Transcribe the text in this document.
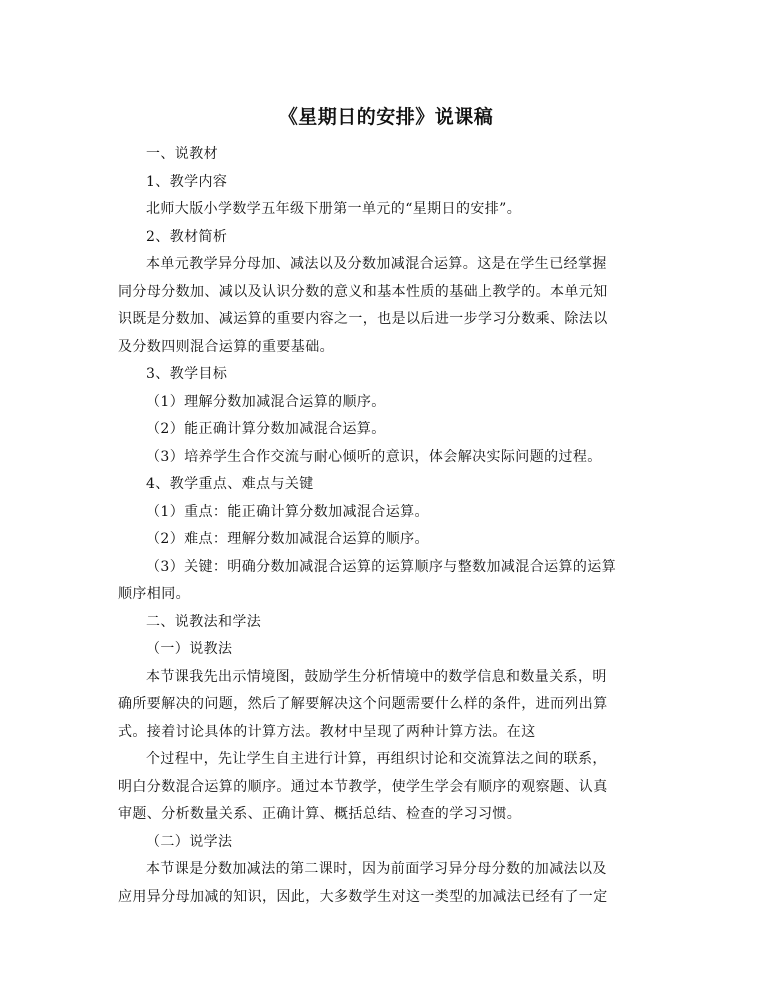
《星期日的安排》说课稿
一、说教材
1、教学内容
北师大版小学数学五年级下册第一单元的“星期日的安排”。
2、教材简析
本单元教学异分母加、减法以及分数加减混合运算。这是在学生已经掌握
同分母分数加、减以及认识分数的意义和基本性质的基础上教学的。本单元知
识既是分数加、减运算的重要内容之一，也是以后进一步学习分数乘、除法以
及分数四则混合运算的重要基础。
3、教学目标
（1）理解分数加减混合运算的顺序。
（2）能正确计算分数加减混合运算。
（3）培养学生合作交流与耐心倾听的意识，体会解决实际问题的过程。
4、教学重点、难点与关键
（1）重点：能正确计算分数加减混合运算。
（2）难点：理解分数加减混合运算的顺序。
（3）关键：明确分数加减混合运算的运算顺序与整数加减混合运算的运算
顺序相同。
二、说教法和学法
（一）说教法
本节课我先出示情境图，鼓励学生分析情境中的数学信息和数量关系，明
确所要解决的问题，然后了解要解决这个问题需要什么样的条件，进而列出算
式。接着讨论具体的计算方法。教材中呈现了两种计算方法。在这
个过程中，先让学生自主进行计算，再组织讨论和交流算法之间的联系，
明白分数混合运算的顺序。通过本节教学，使学生学会有顺序的观察题、认真
审题、分析数量关系、正确计算、概括总结、检查的学习习惯。
（二）说学法
本节课是分数加减法的第二课时，因为前面学习异分母分数的加减法以及
应用异分母加减的知识，因此，大多数学生对这一类型的加减法已经有了一定
